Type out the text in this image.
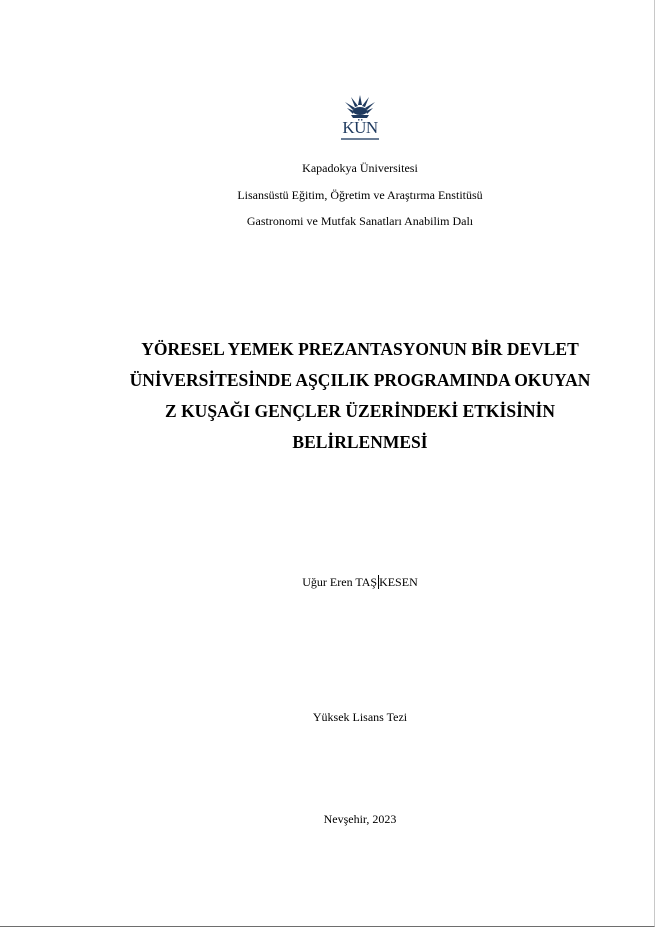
KÜN
Kapadokya Üniversitesi
Lisansüstü Eğitim, Öğretim ve Araştırma Enstitüsü
Gastronomi ve Mutfak Sanatları Anabilim Dalı
YÖRESEL YEMEK PREZANTASYONUN BİR DEVLET
ÜNİVERSİTESİNDE AŞÇILIK PROGRAMINDA OKUYAN
Z KUŞAĞI GENÇLER ÜZERİNDEKİ ETKİSİNİN
BELİRLENMESİ
Uğur Eren TAŞ KESEN
Yüksek Lisans Tezi
Nevşehir, 2023
